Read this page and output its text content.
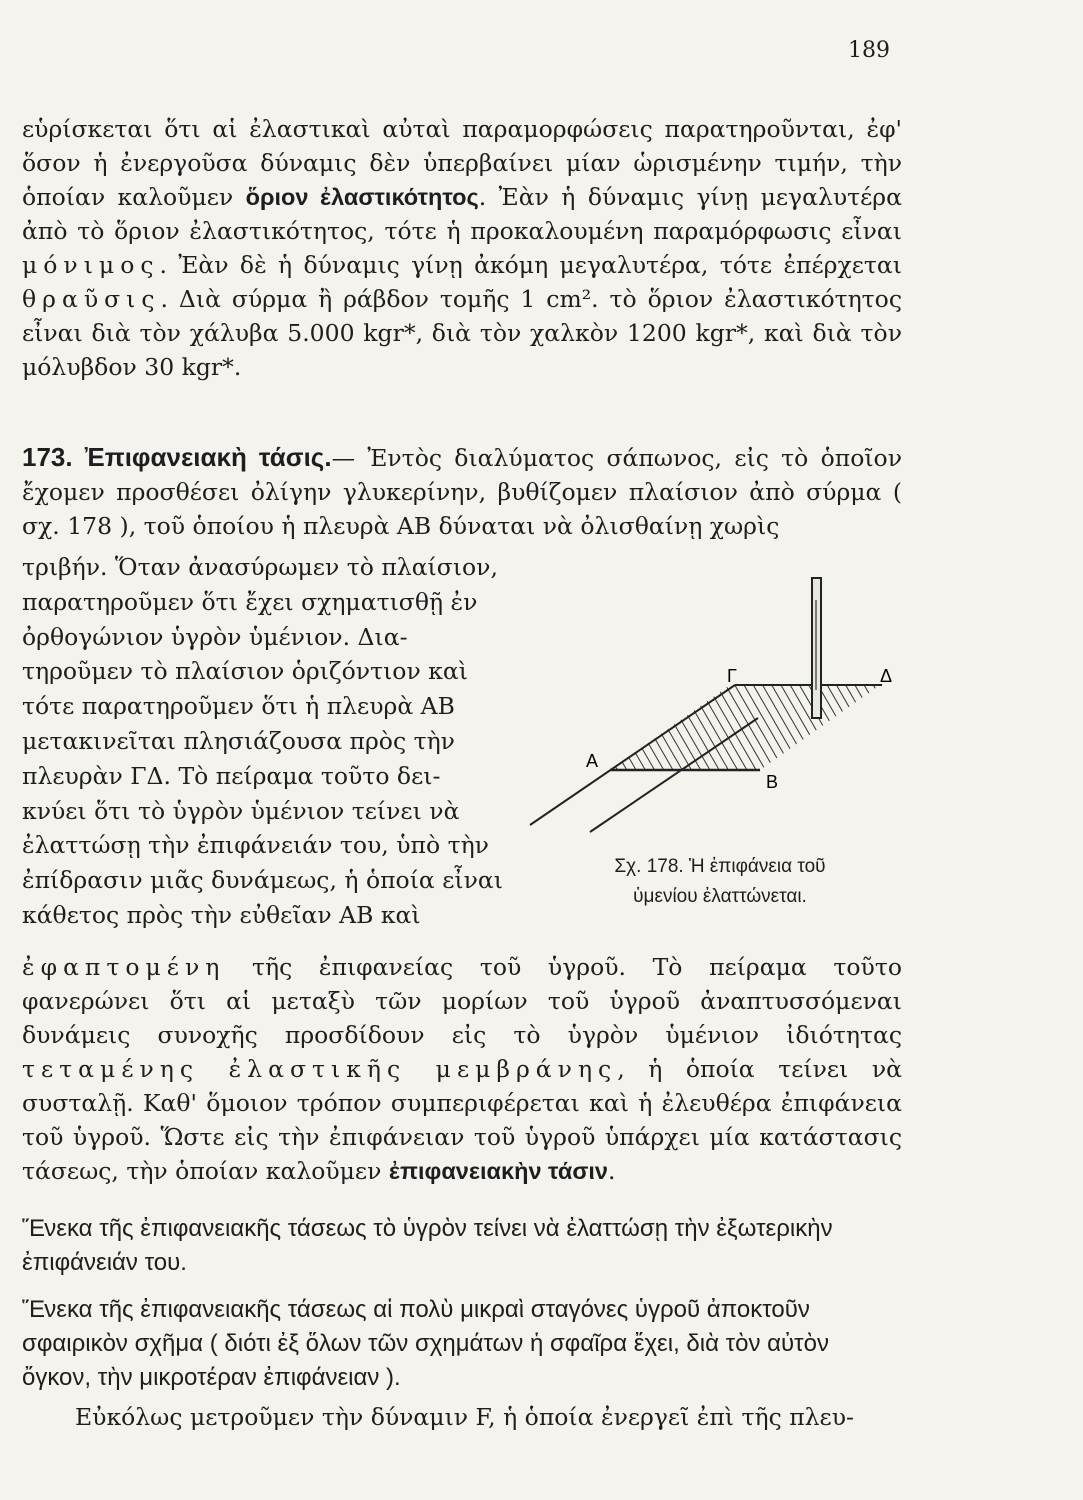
189

εὑρίσκεται ὅτι αἱ ἐλαστικαὶ αὐταὶ παραμορφώσεις παρατηροῦνται, ἐφ' ὅσον ἡ ἐνεργοῦσα δύναμις δὲν ὑπερβαίνει μίαν ὡρισμένην τιμήν, τὴν ὁποίαν καλοῦμεν ὅριον ἐλαστικότητος. Ἐὰν ἡ δύναμις γίνῃ μεγαλυτέρα ἀπὸ τὸ ὅριον ἐλαστικότητος, τότε ἡ προκαλουμένη παραμόρφωσις εἶναι μόνιμος. Ἐὰν δὲ ἡ δύναμις γίνῃ ἀκόμη μεγαλυτέρα, τότε ἐπέρχεται θραῦσις. Διὰ σύρμα ἢ ράβδον τομῆς 1 cm². τὸ ὅριον ἐλαστικότητος εἶναι διὰ τὸν χάλυβα 5.000 kgr*, διὰ τὸν χαλκὸν 1200 kgr*, καὶ διὰ τὸν μόλυβδον 30 kgr*.

173. Ἐπιφανειακὴ τάσις.— Ἐντὸς διαλύματος σάπωνος, εἰς τὸ ὁποῖον ἔχομεν προσθέσει ὀλίγην γλυκερίνην, βυθίζομεν πλαίσιον ἀπὸ σύρμα ( σχ. 178 ), τοῦ ὁποίου ἡ πλευρὰ ΑΒ δύναται νὰ ὀλισθαίνῃ χωρὶς

τριβήν. Ὅταν ἀνασύρωμεν τὸ πλαίσιον,
παρατηροῦμεν ὅτι ἔχει σχηματισθῇ ἐν
ὀρθογώνιον ὑγρὸν ὑμένιον. Δια-
τηροῦμεν τὸ πλαίσιον ὁριζόντιον καὶ
τότε παρατηροῦμεν ὅτι ἡ πλευρὰ ΑΒ
μετακινεῖται πλησιάζουσα πρὸς τὴν
πλευρὰν ΓΔ. Τὸ πείραμα τοῦτο δει-
κνύει ὅτι τὸ ὑγρὸν ὑμένιον τείνει νὰ
ἐλαττώσῃ τὴν ἐπιφάνειάν του, ὑπὸ τὴν
ἐπίδρασιν μιᾶς δυνάμεως, ἡ ὁποία εἶναι
κάθετος πρὸς τὴν εὐθεῖαν ΑΒ καὶ

Α
Β
Γ	Δ

Σχ. 178. Ἡ ἐπιφάνεια τοῦ
ὑμενίου ἐλαττώνεται.

ἐφαπτομένη τῆς ἐπιφανείας τοῦ ὑγροῦ. Τὸ πείραμα τοῦτο φανερώνει ὅτι αἱ μεταξὺ τῶν μορίων τοῦ ὑγροῦ ἀναπτυσσόμεναι δυνάμεις συνοχῆς προσδίδουν εἰς τὸ ὑγρὸν ὑμένιον ἰδιότητας τεταμένης ἐλαστικῆς μεμβράνης, ἡ ὁποία τείνει νὰ συσταλῇ. Καθ' ὅμοιον τρόπον συμπεριφέρεται καὶ ἡ ἐλευθέρα ἐπιφάνεια τοῦ ὑγροῦ. Ὥστε εἰς τὴν ἐπιφάνειαν τοῦ ὑγροῦ ὑπάρχει μία κατάστασις τάσεως, τὴν ὁποίαν καλοῦμεν ἐπιφανειακὴν τάσιν.

Ἕνεκα τῆς ἐπιφανειακῆς τάσεως τὸ ὑγρὸν τείνει νὰ ἐλαττώσῃ τὴν ἐξωτερικὴν ἐπιφάνειάν του.

Ἕνεκα τῆς ἐπιφανειακῆς τάσεως αἱ πολὺ μικραὶ σταγόνες ὑγροῦ ἀποκτοῦν σφαιρικὸν σχῆμα ( διότι ἐξ ὅλων τῶν σχημάτων ἡ σφαῖρα ἔχει, διὰ τὸν αὐτὸν ὄγκον, τὴν μικροτέραν ἐπιφάνειαν ).

Εὐκόλως μετροῦμεν τὴν δύναμιν F, ἡ ὁποία ἐνεργεῖ ἐπὶ τῆς πλευ-
